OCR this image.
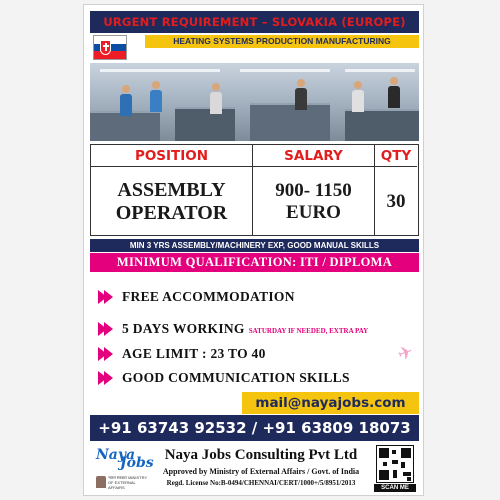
URGENT REQUIREMENT – SLOVAKIA (EUROPE)
HEATING SYSTEMS PRODUCTION MANUFACTURING
POSITION
ASSEMBLY
OPERATOR
SALARY
900- 1150
EURO
QTY
30
MIN 3 YRS ASSEMBLY/MACHINERY EXP, GOOD MANUAL SKILLS
MINIMUM QUALIFICATION: ITI / DIPLOMA
FREE ACCOMMODATION
5 DAYS WORKING SATURDAY IF NEEDED, EXTRA PAY
AGE LIMIT : 23 TO 40
GOOD COMMUNICATION SKILLS
✈
mail@nayajobs.com
+91 63743 92532 / +91 63809 18073
Naya
Jobs
भारत सरकार MINISTRY OF EXTERNAL AFFAIRS
Naya Jobs Consulting Pvt Ltd
Approved by Ministry of External Affairs / Govt. of India
Regd. License No:B-0494/CHENNAI/CERT/1000+/5/8951/2013
SCAN ME
